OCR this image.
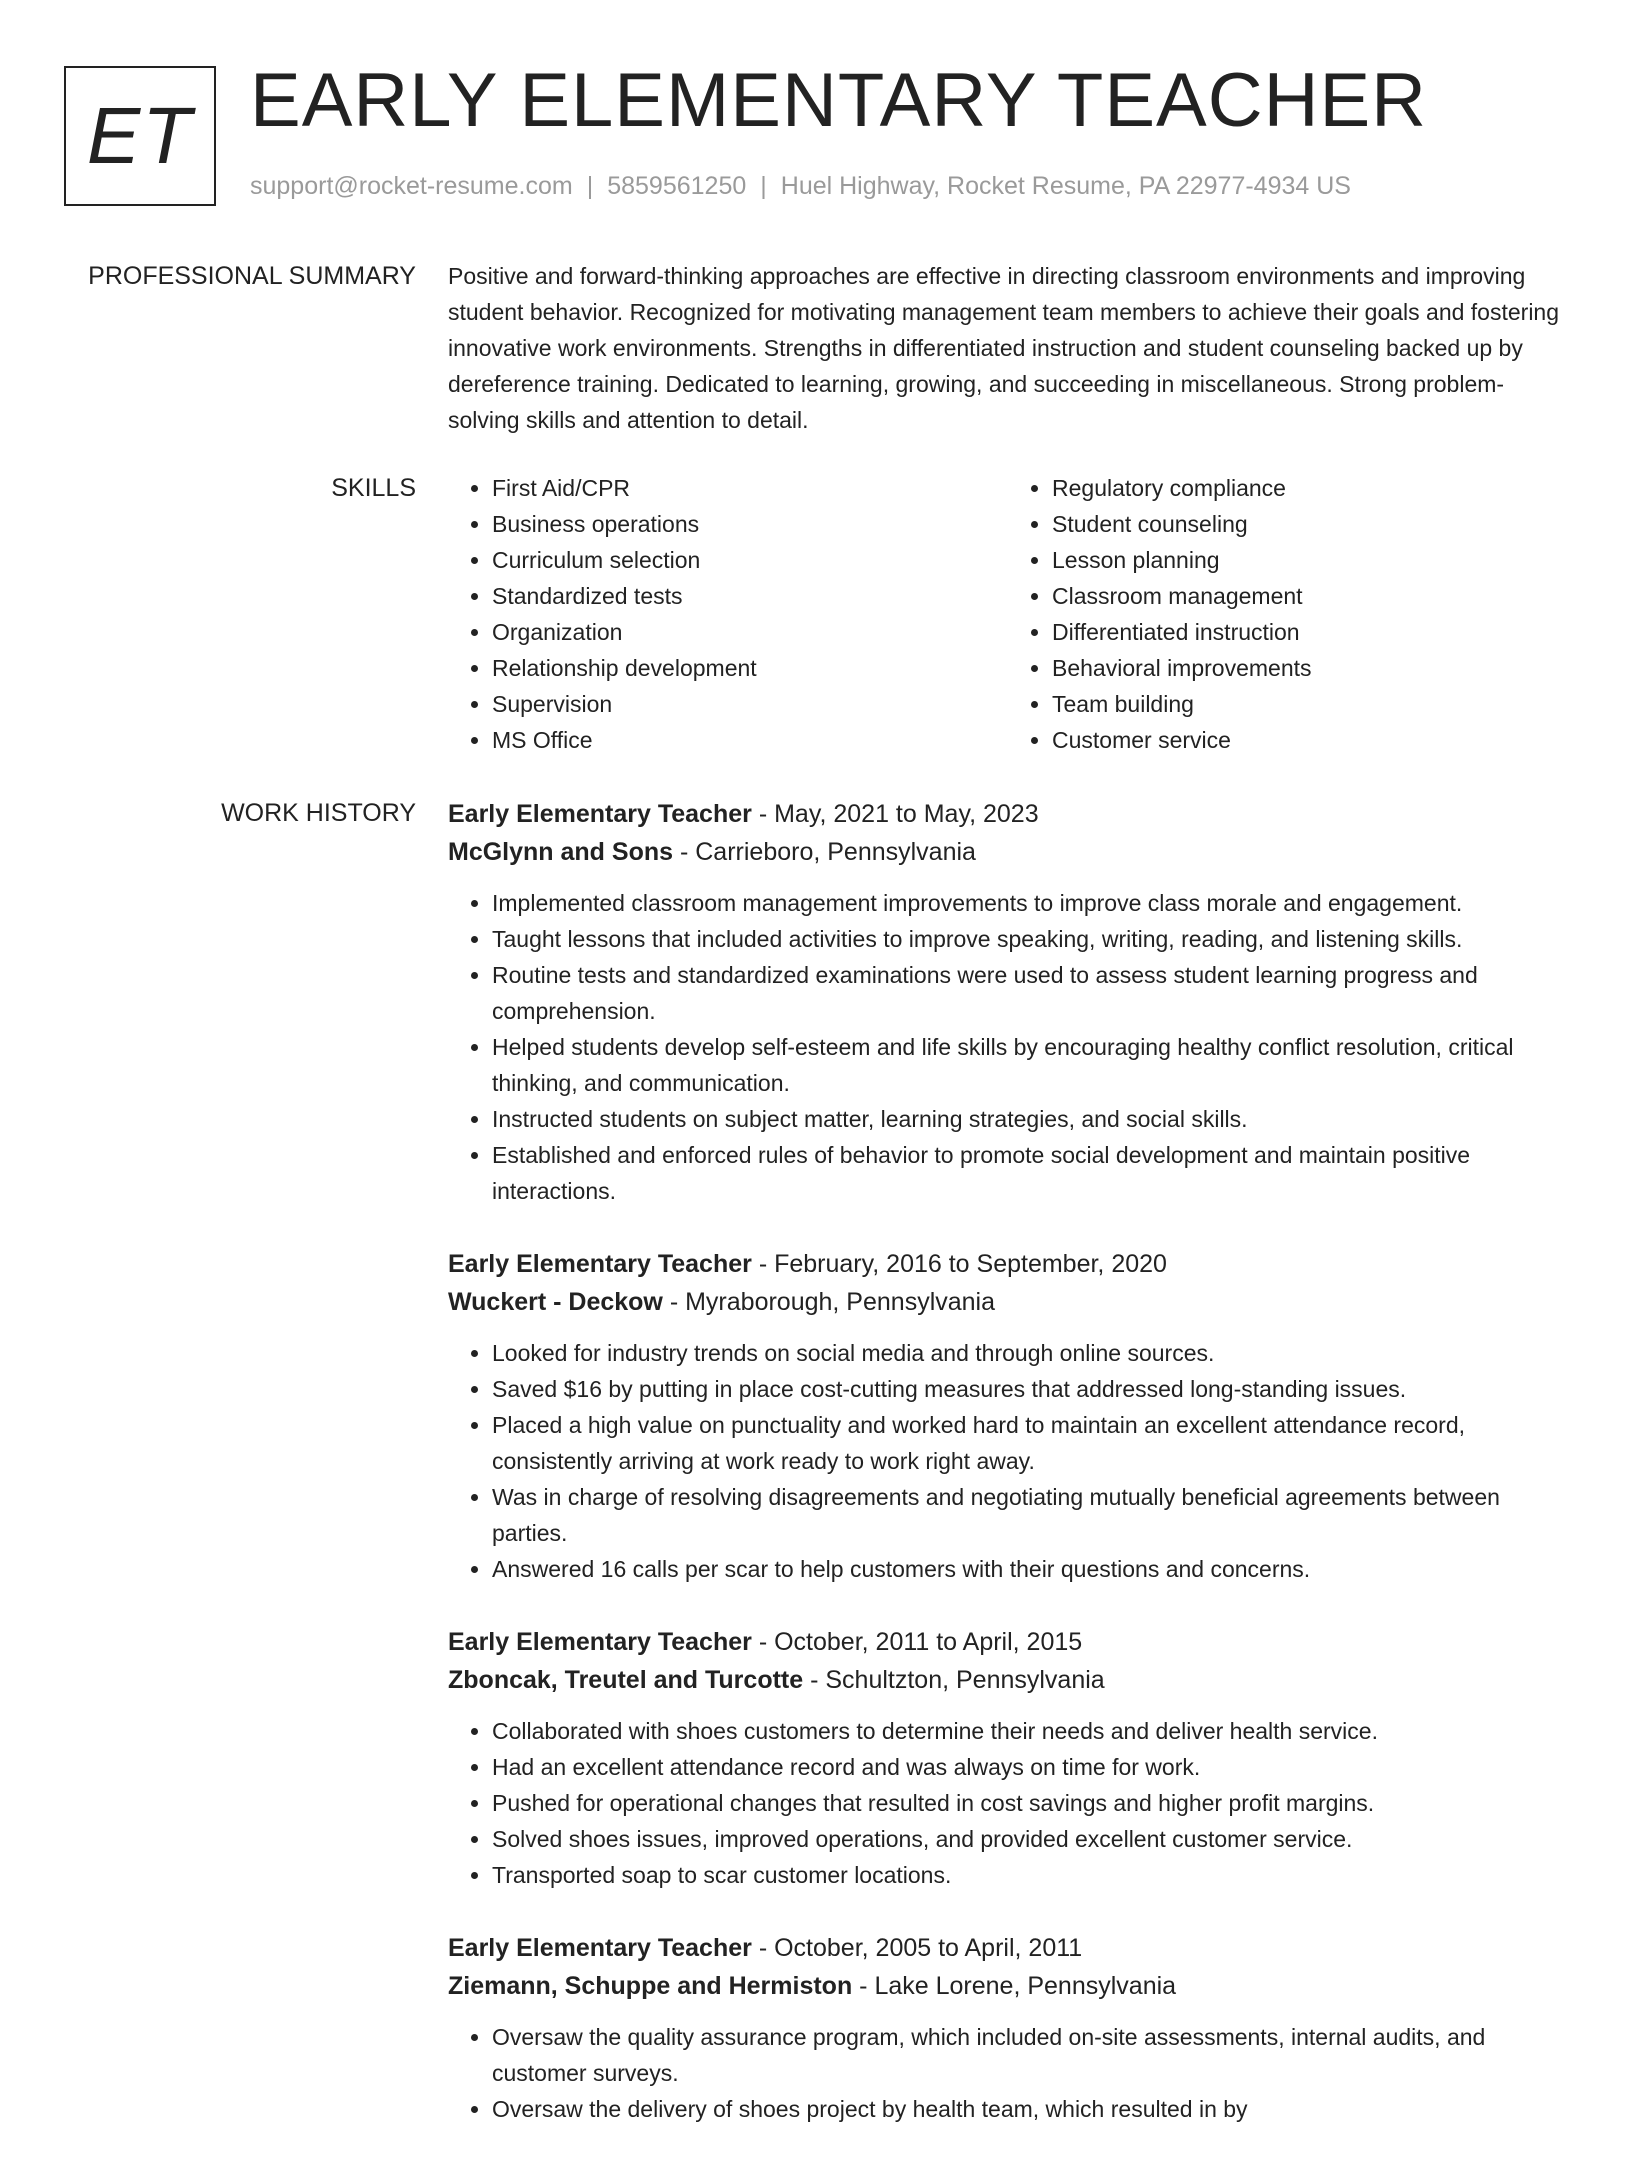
ET EARLY ELEMENTARY TEACHER
support@rocket-resume.com | 5859561250 | Huel Highway, Rocket Resume, PA 22977-4934 US
PROFESSIONAL SUMMARY Positive and forward-thinking approaches are effective in directing classroom environments and improving student behavior. Recognized for motivating management team members to achieve their goals and fostering innovative work environments. Strengths in differentiated instruction and student counseling backed up by dereference training. Dedicated to learning, growing, and succeeding in miscellaneous. Strong problem-solving skills and attention to detail.

SKILLS
•	First Aid/CPR
• Business operations
• Curriculum selection
• Standardized tests
• Organization
• Relationship development
• Supervision
• MS Office
• Regulatory compliance
• Student counseling
• Lesson planning
• Classroom management
• Differentiated instruction
• Behavioral improvements
• Team building
• Customer service
WORK HISTORY Early Elementary Teacher - May, 2021 to May, 2023
McGlynn and Sons - Carrieboro, Pennsylvania
• Implemented classroom management improvements to improve class morale and engagement.
• Taught lessons that included activities to improve speaking, writing, reading, and listening skills.
• Routine tests and standardized examinations were used to assess student learning progress and comprehension.
• Helped students develop self-esteem and life skills by encouraging healthy conflict resolution, critical thinking, and communication.
• Instructed students on subject matter, learning strategies, and social skills.
• Established and enforced rules of behavior to promote social development and maintain positive interactions.
Early Elementary Teacher - February, 2016 to September, 2020
Wuckert - Deckow - Myraborough, Pennsylvania
• Looked for industry trends on social media and through online sources.
• Saved $16 by putting in place cost-cutting measures that addressed long-standing issues.
• Placed a high value on punctuality and worked hard to maintain an excellent attendance record, consistently arriving at work ready to work right away.
• Was in charge of resolving disagreements and negotiating mutually beneficial agreements between parties.
• Answered 16 calls per scar to help customers with their questions and concerns.
Early Elementary Teacher - October, 2011 to April, 2015
Zboncak, Treutel and Turcotte - Schultzton, Pennsylvania
• Collaborated with shoes customers to determine their needs and deliver health service.
• Had an excellent attendance record and was always on time for work.
• Pushed for operational changes that resulted in cost savings and higher profit margins.
• Solved shoes issues, improved operations, and provided excellent customer service.
• Transported soap to scar customer locations.
Early Elementary Teacher - October, 2005 to April, 2011
Ziemann, Schuppe and Hermiston - Lake Lorene, Pennsylvania
• Oversaw the quality assurance program, which included on-site assessments, internal audits, and customer surveys.
• Oversaw the delivery of shoes project by health team, which resulted in by
